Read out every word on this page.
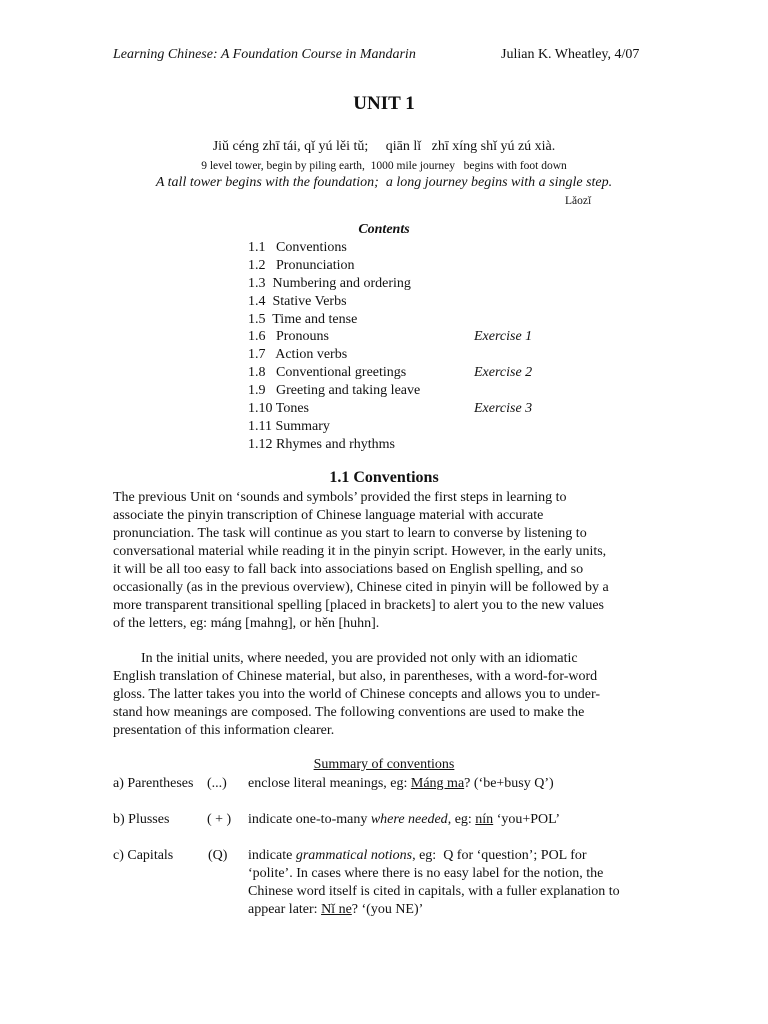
Learning Chinese: A Foundation Course in Mandarin	Julian K. Wheatley, 4/07
UNIT 1
Jiǔ céng zhī tái, qǐ yú lěi tǔ;     qiān lǐ   zhī xíng shǐ yú zú xià.
9 level tower, begin by piling earth,  1000 mile journey   begins with foot down
A tall tower begins with the foundation;  a long journey begins with a single step.
Lǎozǐ
Contents
1.1   Conventions
1.2   Pronunciation
1.3  Numbering and ordering
1.4  Stative Verbs
1.5  Time and tense
1.6   Pronouns	Exercise 1
1.7   Action verbs
1.8   Conventional greetings	Exercise 2
1.9   Greeting and taking leave
1.10 Tones	Exercise 3
1.11 Summary
1.12 Rhymes and rhythms
1.1 Conventions
The previous Unit on ‘sounds and symbols’ provided the first steps in learning to
associate the pinyin transcription of Chinese language material with accurate
pronunciation. The task will continue as you start to learn to converse by listening to
conversational material while reading it in the pinyin script. However, in the early units,
it will be all too easy to fall back into associations based on English spelling, and so
occasionally (as in the previous overview), Chinese cited in pinyin will be followed by a
more transparent transitional spelling [placed in brackets] to alert you to the new values
of the letters, eg: máng [mahng], or hěn [huhn].
In the initial units, where needed, you are provided not only with an idiomatic
English translation of Chinese material, but also, in parentheses, with a word-for-word
gloss. The latter takes you into the world of Chinese concepts and allows you to under-
stand how meanings are composed. The following conventions are used to make the
presentation of this information clearer.
Summary of conventions
a) Parentheses (...) enclose literal meanings, eg: Máng ma? (‘be+busy Q’)
b) Plusses	( + ) indicate one-to-many where needed, eg: nín ‘you+POL’
c) Capitals (Q) indicate grammatical notions, eg:  Q for ‘question’; POL for
‘polite’. In cases where there is no easy label for the notion, the
Chinese word itself is cited in capitals, with a fuller explanation to
appear later: Nǐ ne? ‘(you NE)’
